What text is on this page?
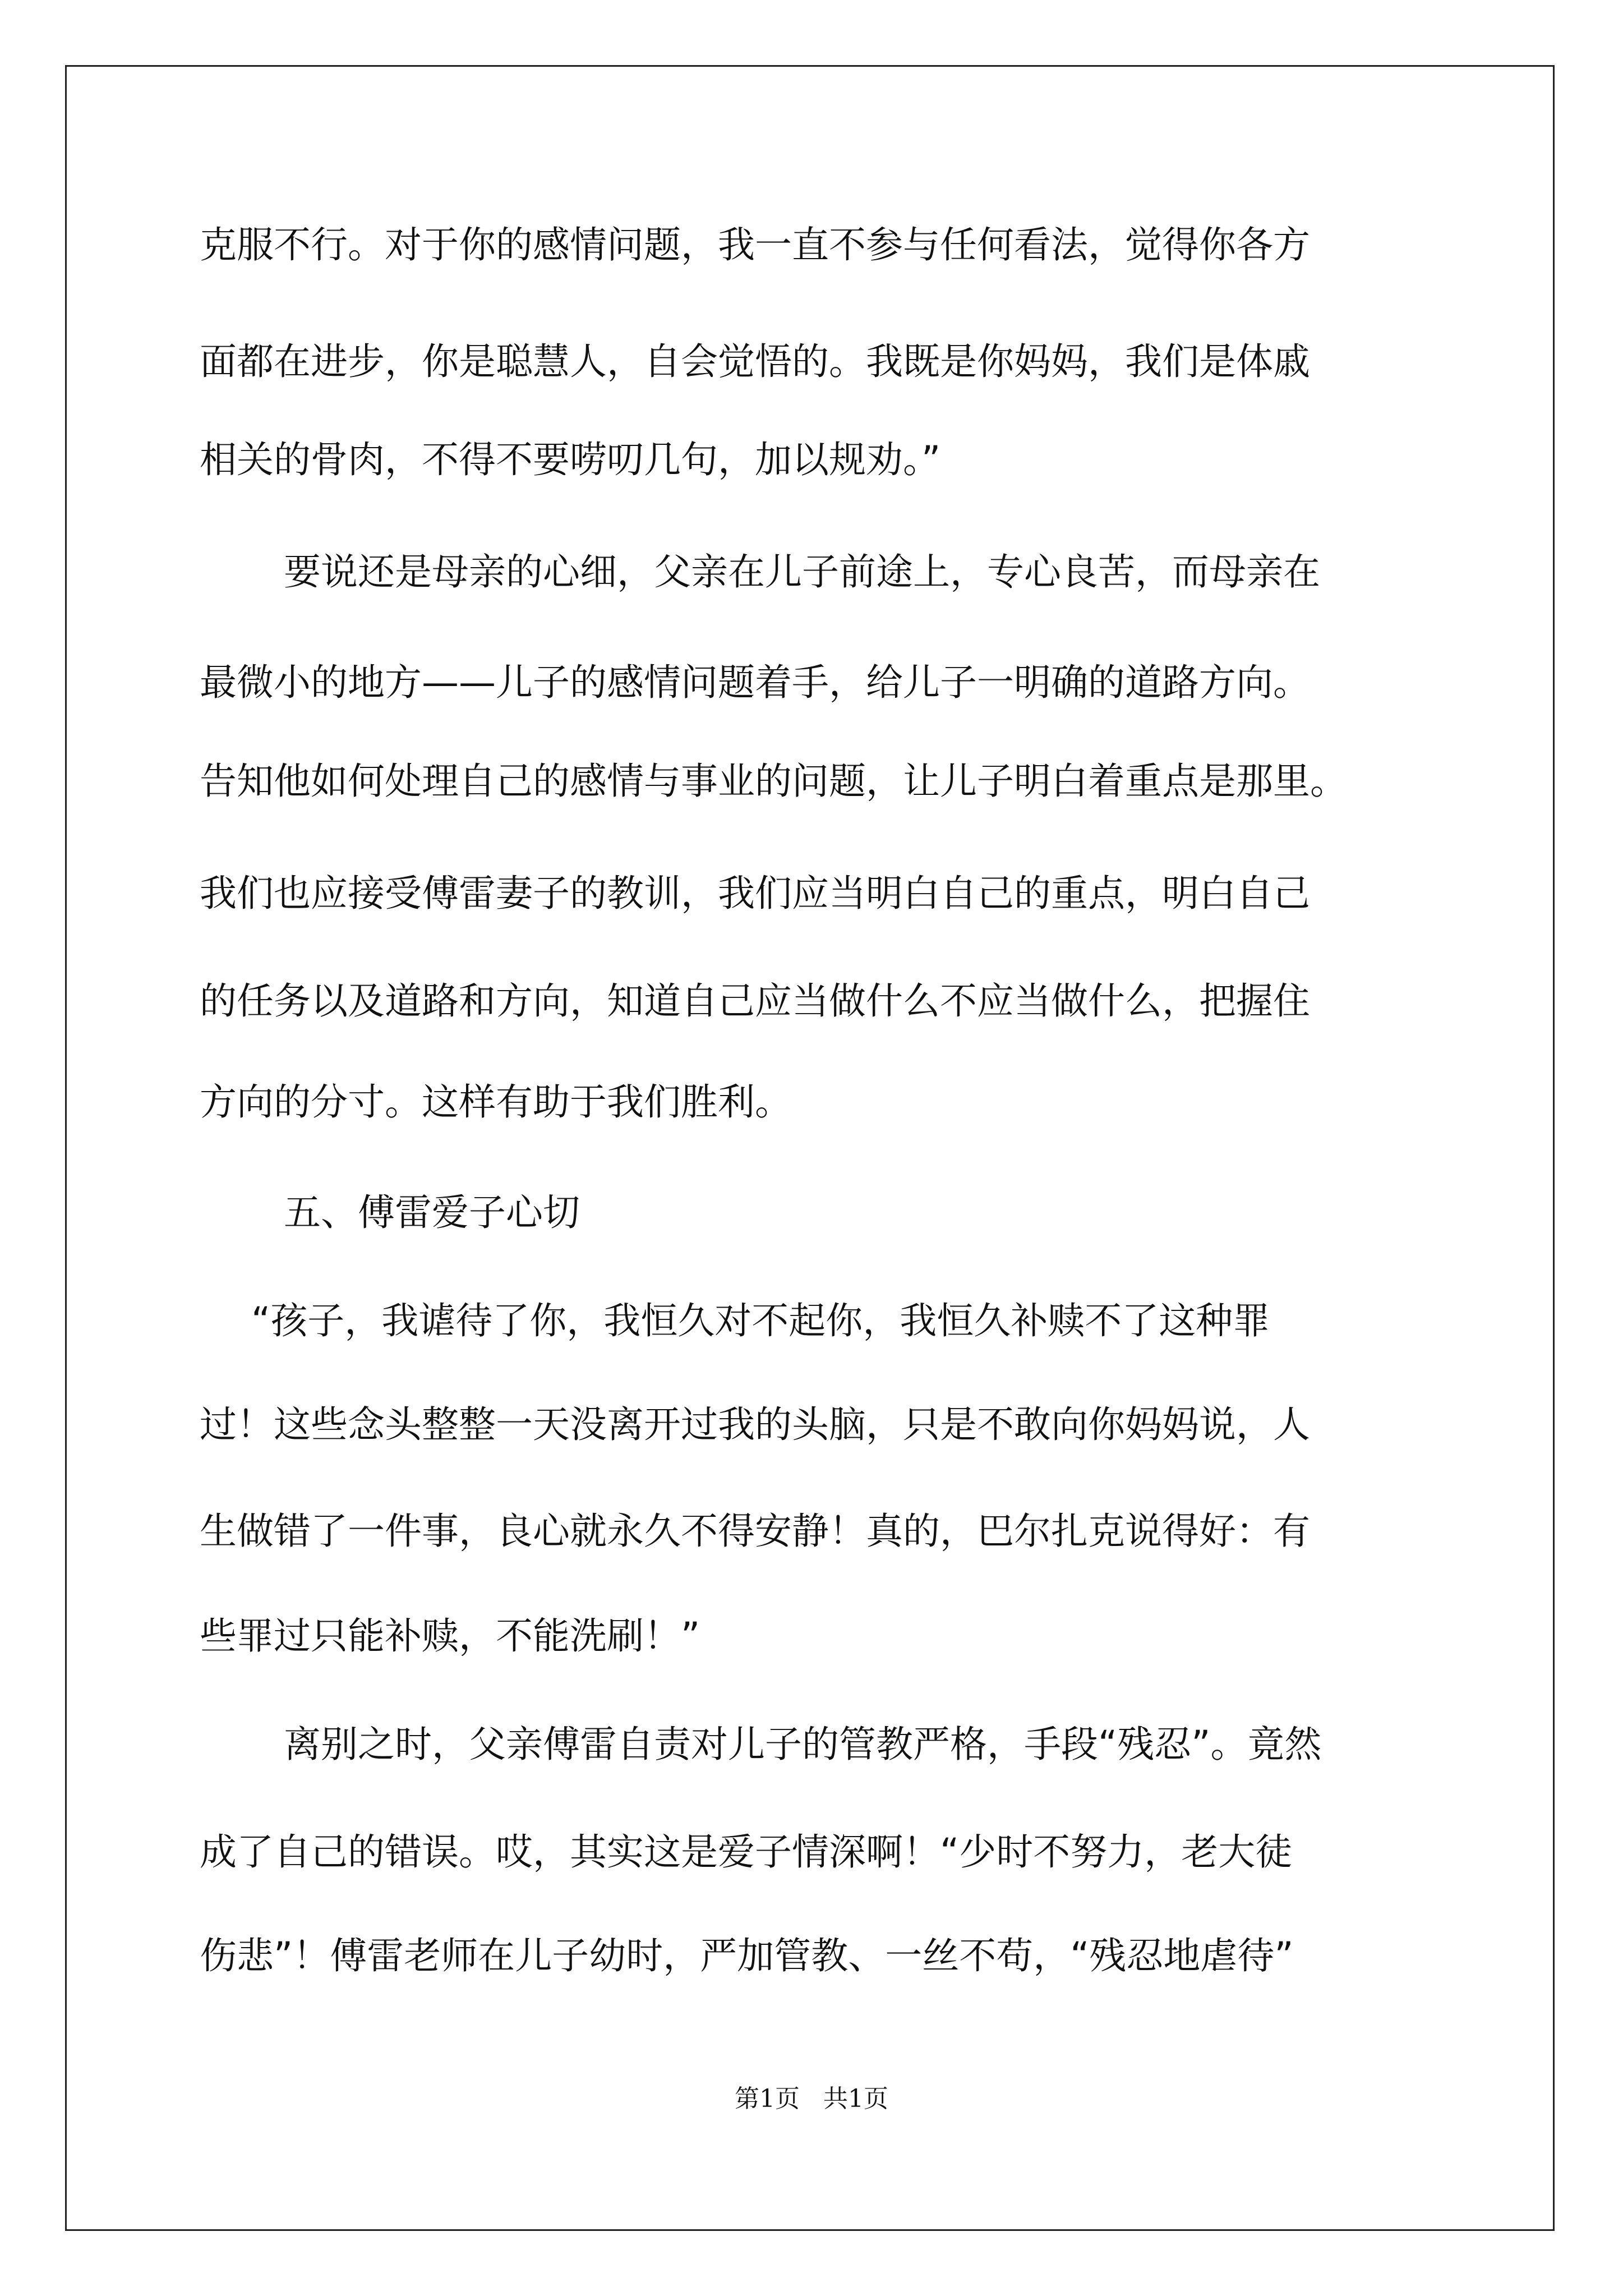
克服不行。对于你的感情问题，我一直不参与任何看法，觉得你各方

面都在进步，你是聪慧人，自会觉悟的。我既是你妈妈，我们是体戚

相关的骨肉，不得不要唠叨几句，加以规劝。”

要说还是母亲的心细，父亲在儿子前途上，专心良苦，而母亲在

最微小的地方——儿子的感情问题着手，给儿子一明确的道路方向。

告知他如何处理自己的感情与事业的问题，让儿子明白着重点是那里。

我们也应接受傅雷妻子的教训，我们应当明白自己的重点，明白自己

的任务以及道路和方向，知道自己应当做什么不应当做什么，把握住

方向的分寸。这样有助于我们胜利。

五、傅雷爱子心切

“孩子，我谑待了你，我恒久对不起你，我恒久补赎不了这种罪

过！这些念头整整一天没离开过我的头脑，只是不敢向你妈妈说，人

生做错了一件事，良心就永久不得安静！真的，巴尔扎克说得好：有

些罪过只能补赎，不能洗刷！”

离别之时，父亲傅雷自责对儿子的管教严格，手段“残忍”。竟然

成了自己的错误。哎，其实这是爱子情深啊！“少时不努力，老大徒

伤悲”！傅雷老师在儿子幼时，严加管教、一丝不苟，“残忍地虐待”

第1页   共1页
